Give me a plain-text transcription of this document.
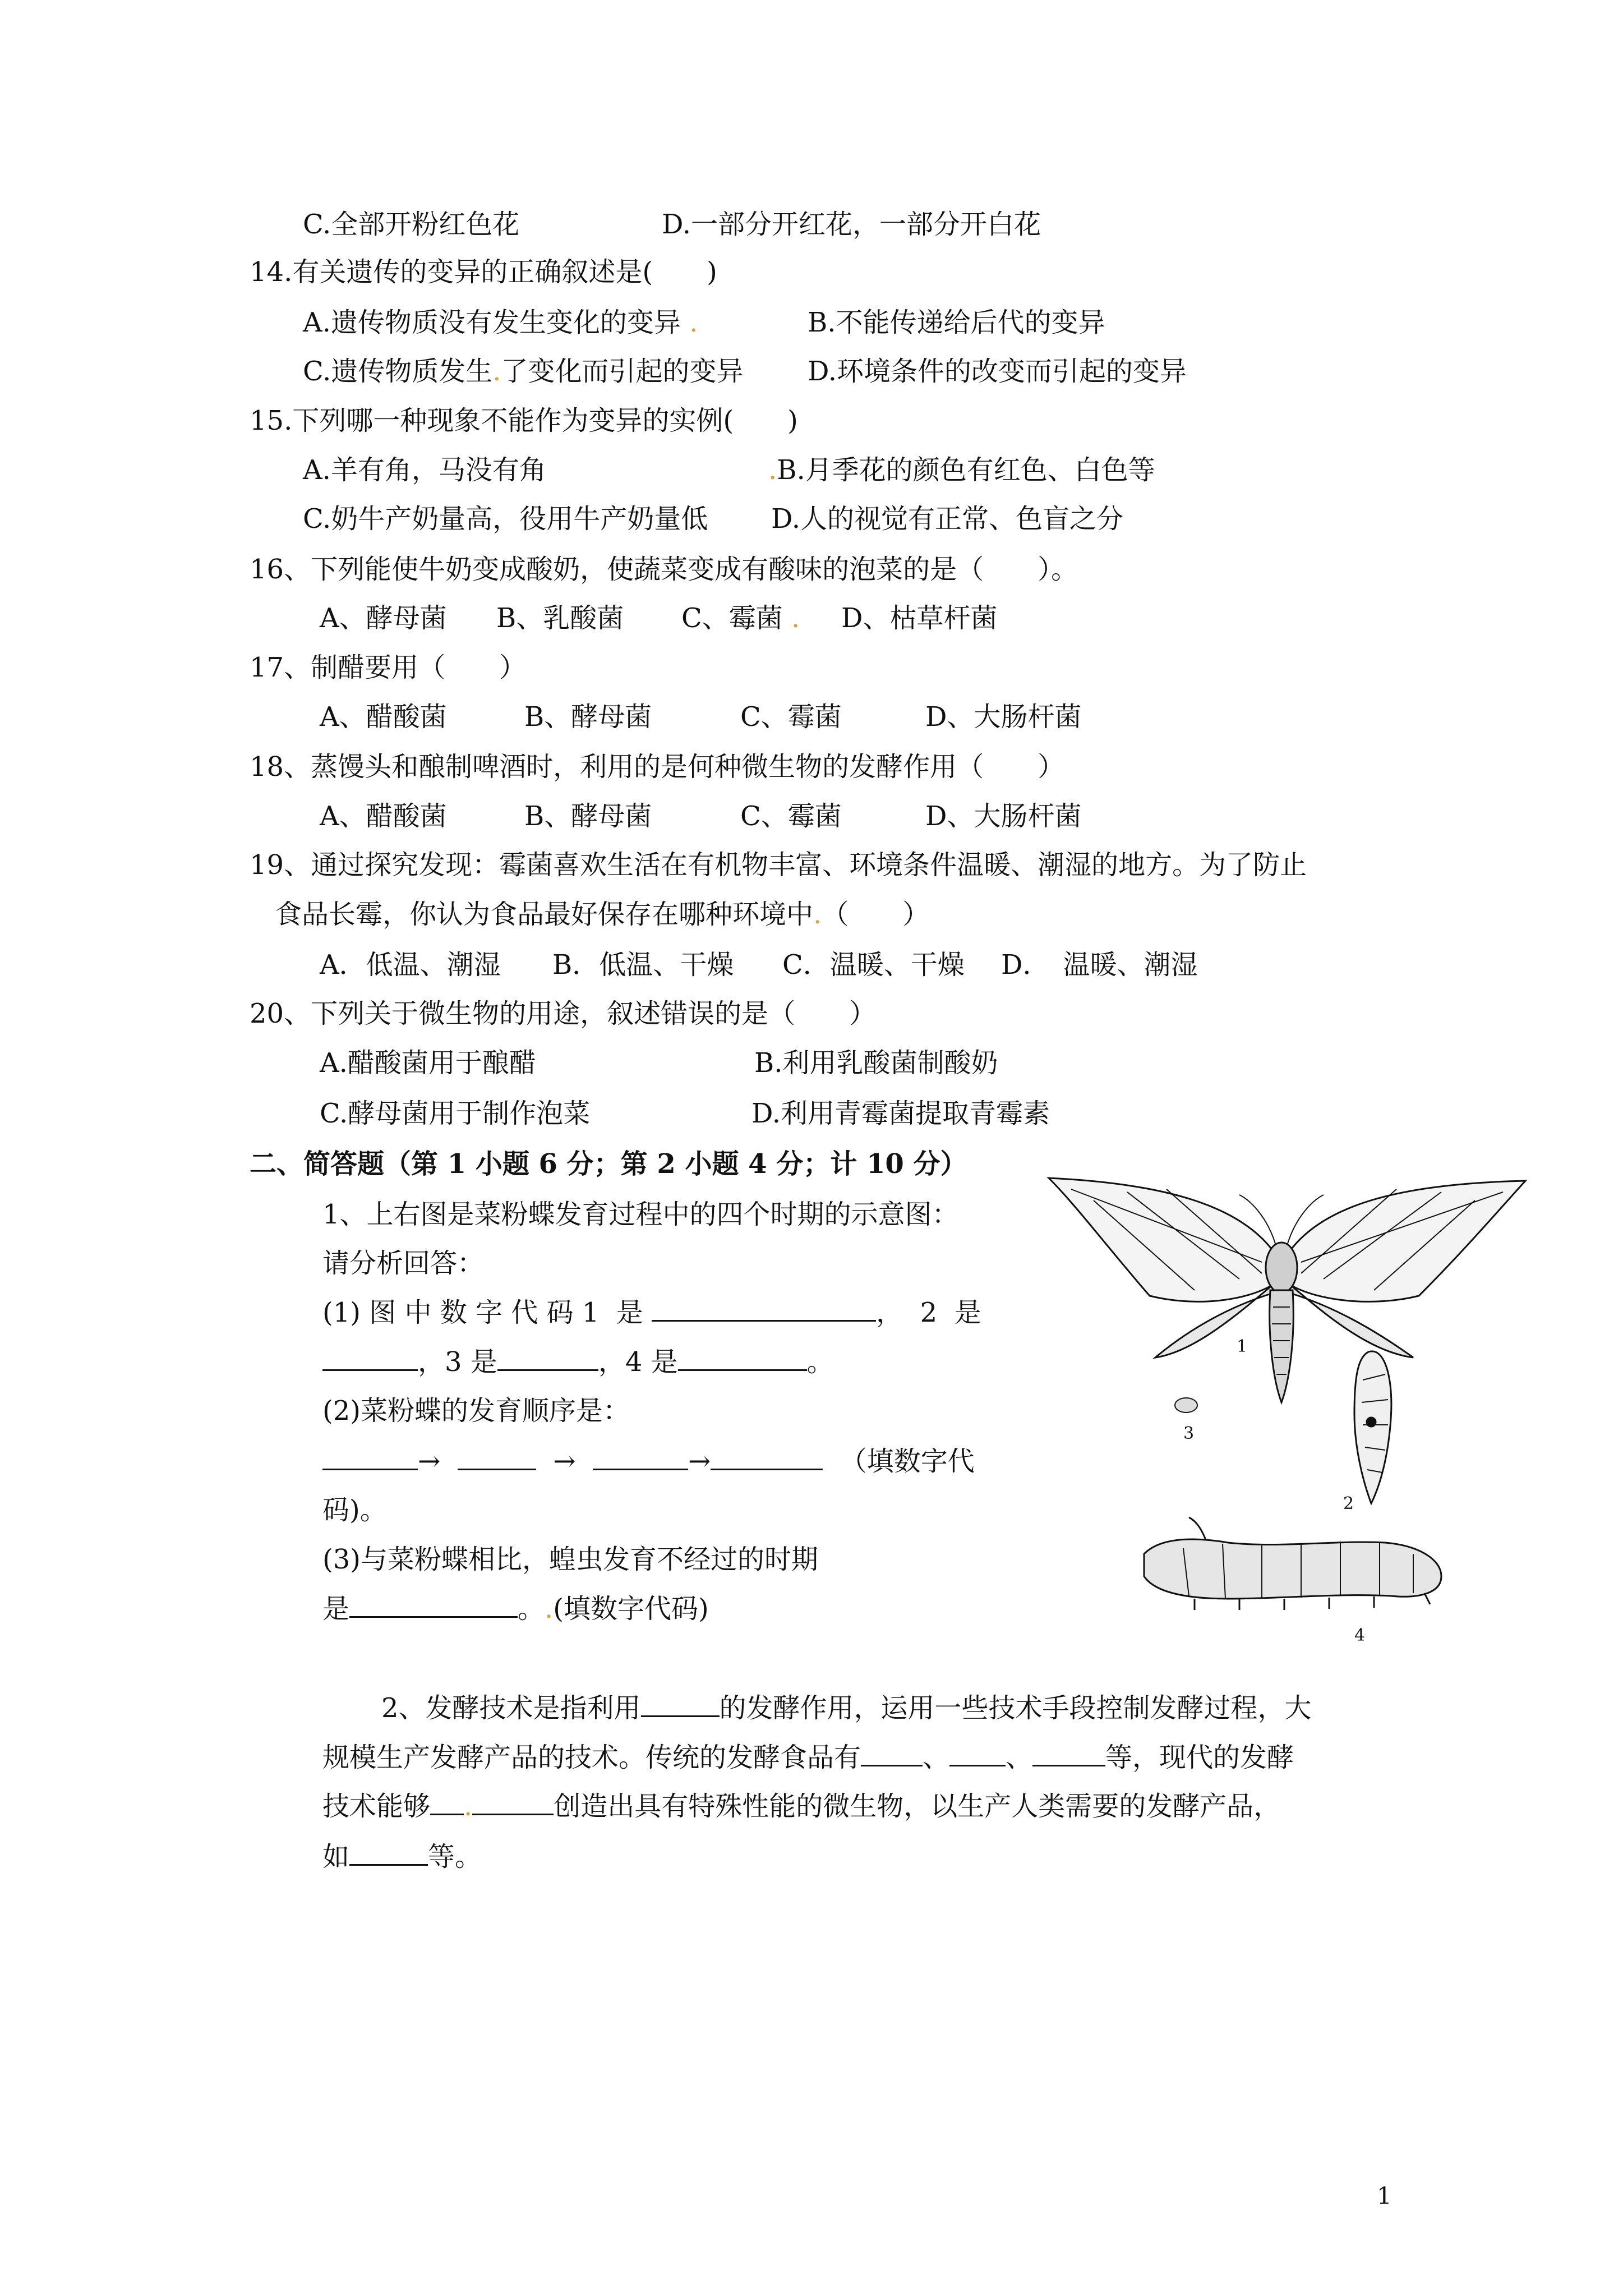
C.全部开粉红色花	D.一部分开红花，一部分开白花
14.有关遗传的变异的正确叙述是(　　)
A.遗传物质没有发生变化的变异 .	B.不能传递给后代的变异
C.遗传物质发生.了变化而引起的变异 D.环境条件的改变而引起的变异
15.下列哪一种现象不能作为变异的实例(　　)
A.羊有角，马没有角	.B.月季花的颜色有红色、白色等
C.奶牛产奶量高，役用牛产奶量低 D.人的视觉有正常、色盲之分
16、下列能使牛奶变成酸奶，使蔬菜变成有酸味的泡菜的是（　　）。
A、酵母菌 B、乳酸菌 C、霉菌 . D、枯草杆菌
17、制醋要用（　　）
A、醋酸菌	B、酵母菌	C、霉菌	D、大肠杆菌
18、蒸馒头和酿制啤酒时，利用的是何种微生物的发酵作用（　　）
A、醋酸菌	B、酵母菌	C、霉菌	D、大肠杆菌
19、通过探究发现：霉菌喜欢生活在有机物丰富、环境条件温暖、潮湿的地方。为了防止
食品长霉，你认为食品最好保存在哪种环境中.（　　）
A．低温、潮湿 B．低温、干燥 C．温暖、干燥 D．　温暖、潮湿
20、下列关于微生物的用途，叙述错误的是（　　）
A.醋酸菌用于酿醋	B.利用乳酸菌制酸奶
C.酵母菌用于制作泡菜	D.利用青霉菌提取青霉素
二、简答题（第 1 小题 6 分；第 2 小题 4 分；计 10 分）
1、上右图是菜粉蝶发育过程中的四个时期的示意图：
请分析回答：
(1) 图 中 数 字 代 码 1  是	，  2  是
，3 是	，4 是	。
(2)菜粉蝶的发育顺序是：
→	→	→	（填数字代
码)。
(3)与菜粉蝶相比，蝗虫发育不经过的时期
是	。.(填数字代码)
1
2
3
4
2、发酵技术是指利用	的发酵作用，运用一些技术手段控制发酵过程，大
规模生产发酵产品的技术。传统的发酵食品有 、 、	等，现代的发酵
技术能够 .	创造出具有特殊性能的微生物，以生产人类需要的发酵产品，
如	等。
1
